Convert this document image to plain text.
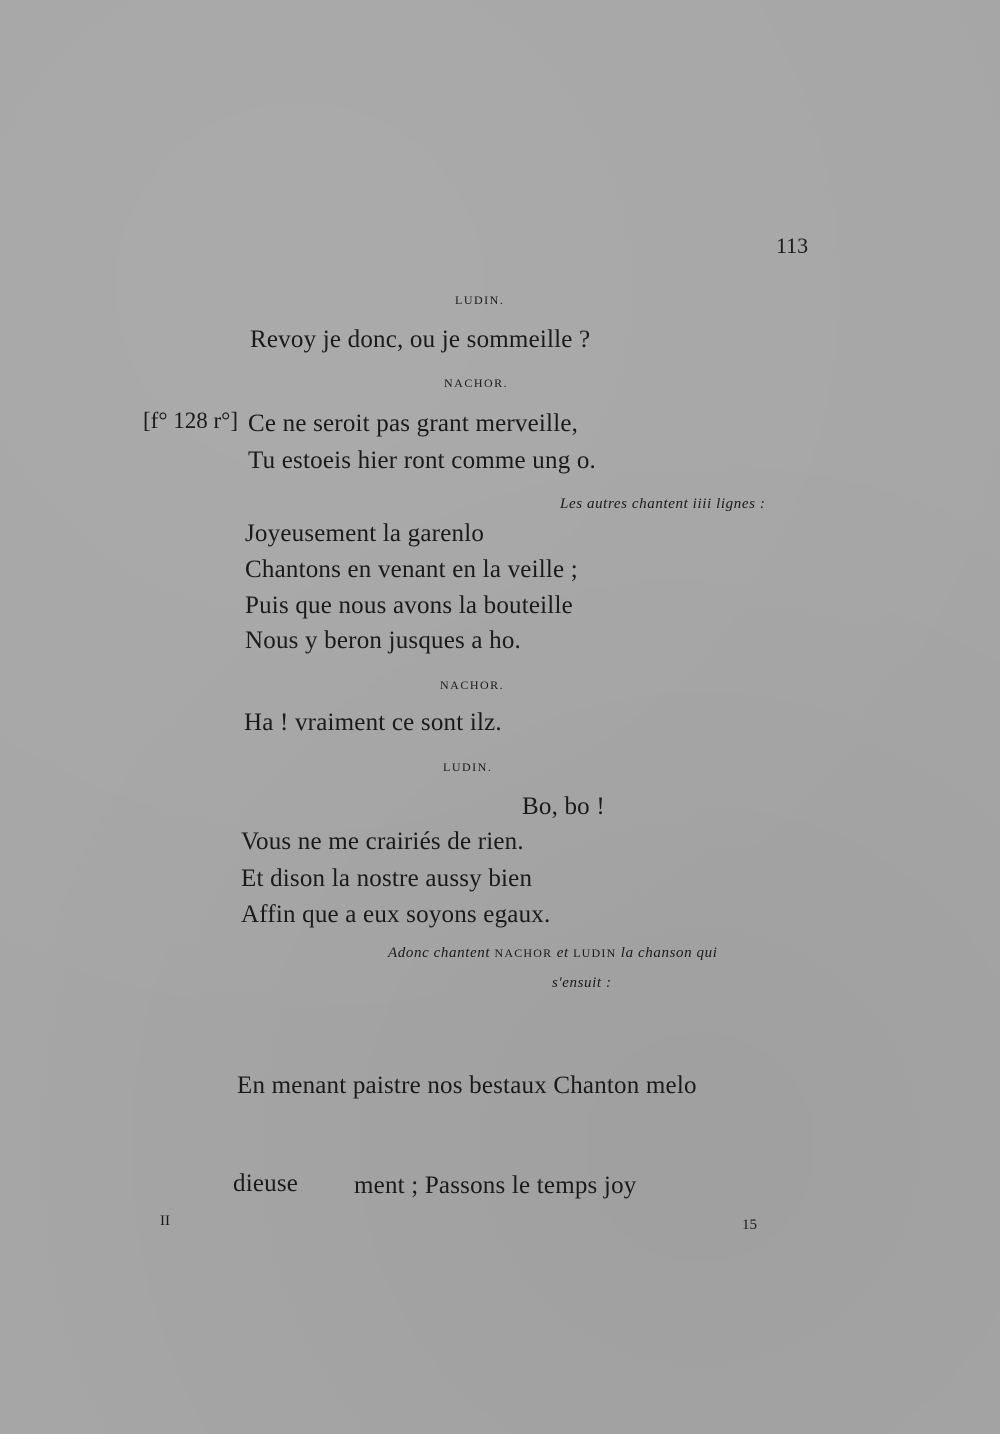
113
LUDIN.
Revoy je donc, ou je sommeille ?
NACHOR.
[f° 128 r°] Ce ne seroit pas grant merveille,
Tu estoeis hier ront comme ung o.
Les autres chantent iiii lignes :
Joyeusement la garenlo
Chantons en venant en la veille ;
Puis que nous avons la bouteille
Nous y beron jusques a ho.
NACHOR.
Ha ! vraiment ce sont ilz.
LUDIN.
Bo, bo !
Vous ne me crairiés de rien.
Et dison la nostre aussy bien
Affin que a eux soyons egaux.
Adonc chantent NACHOR et LUDIN la chanson qui
s'ensuit :
En menant paistre nos bestaux Chanton melo
dieuse ment ; Passons le temps joy
II	15
